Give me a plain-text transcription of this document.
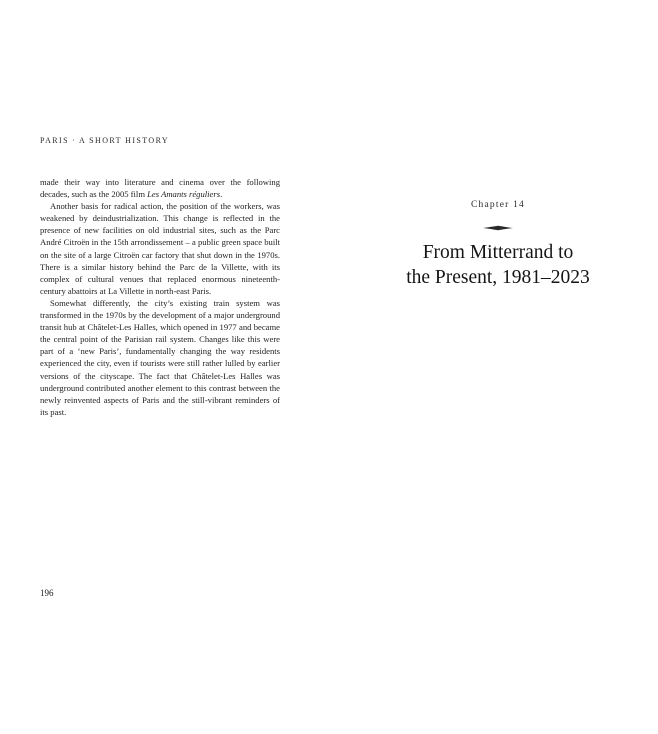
PARIS · A SHORT HISTORY

made their way into literature and cinema over the following decades, such as the 2005 film Les Amants réguliers.

Another basis for radical action, the position of the workers, was weakened by deindustrialization. This change is reflected in the presence of new facilities on old industrial sites, such as the Parc André Citroën in the 15th arrondissement – a public green space built on the site of a large Citroën car factory that shut down in the 1970s. There is a similar history behind the Parc de la Villette, with its complex of cultural venues that replaced enormous nineteenth-century abattoirs at La Villette in north-east Paris.

Somewhat differently, the city’s existing train system was transformed in the 1970s by the development of a major underground transit hub at Châtelet-Les Halles, which opened in 1977 and became the central point of the Parisian rail system. Changes like this were part of a ‘new Paris’, fundamentally changing the way residents experienced the city, even if tourists were still rather lulled by earlier versions of the cityscape. The fact that Châtelet-Les Halles was underground contributed another element to this contrast between the newly reinvented aspects of Paris and the still-vibrant reminders of its past.

196
Chapter 14
From Mitterrand to
the Present, 1981–2023
